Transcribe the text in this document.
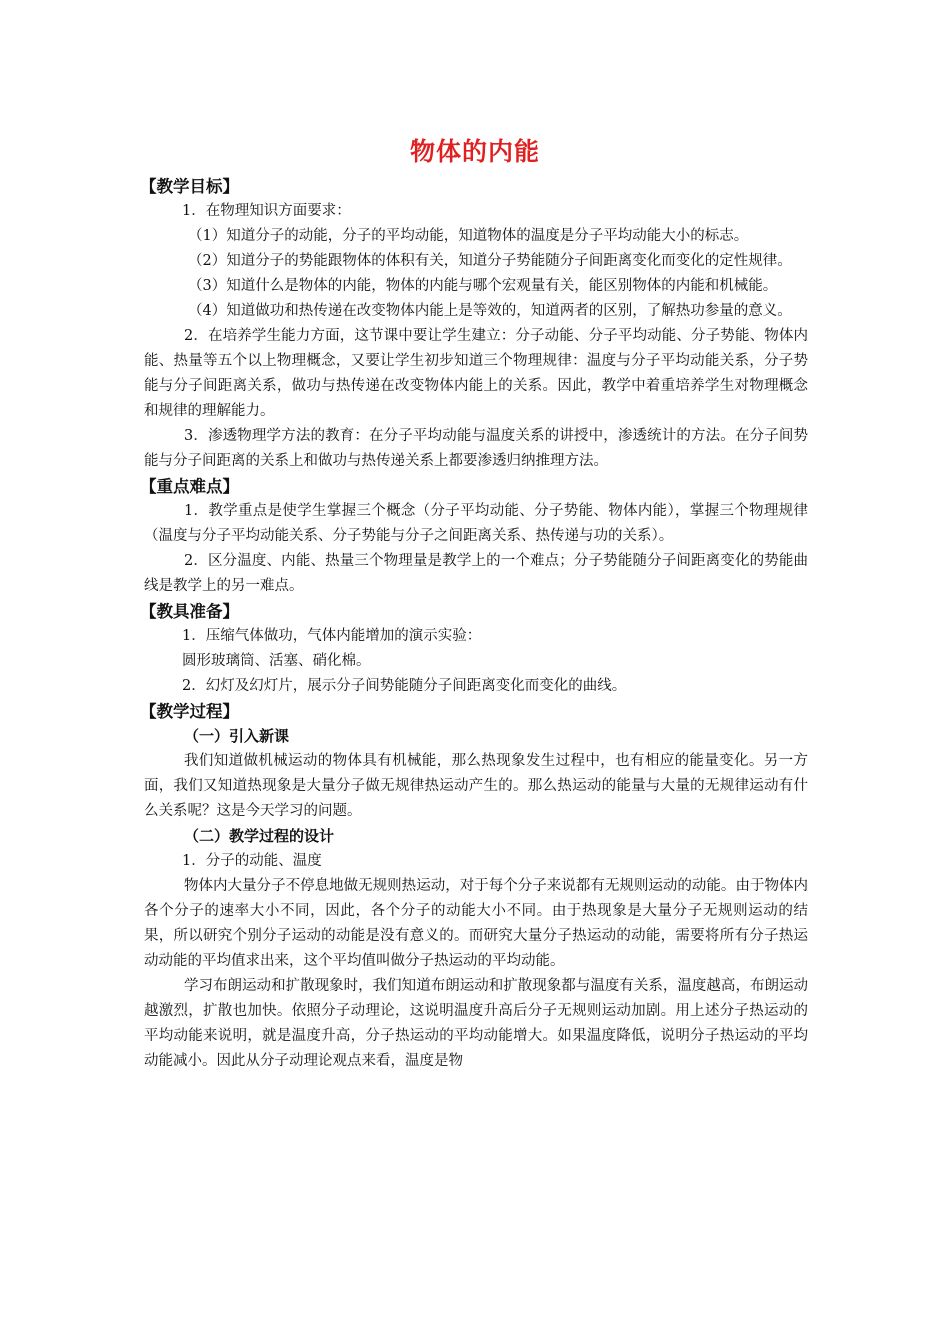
物体的内能
【教学目标】
1．在物理知识方面要求：

（1）知道分子的动能，分子的平均动能，知道物体的温度是分子平均动能大小的标志。

（2）知道分子的势能跟物体的体积有关，知道分子势能随分子间距离变化而变化的定性规律。

（3）知道什么是物体的内能，物体的内能与哪个宏观量有关，能区别物体的内能和机械能。

（4）知道做功和热传递在改变物体内能上是等效的，知道两者的区别，了解热功参量的意义。

2．在培养学生能力方面，这节课中要让学生建立：分子动能、分子平均动能、分子势能、物体内能、热量等五个以上物理概念，又要让学生初步知道三个物理规律：温度与分子平均动能关系，分子势能与分子间距离关系，做功与热传递在改变物体内能上的关系。因此，教学中着重培养学生对物理概念和规律的理解能力。

3．渗透物理学方法的教育：在分子平均动能与温度关系的讲授中，渗透统计的方法。在分子间势能与分子间距离的关系上和做功与热传递关系上都要渗透归纳推理方法。

【重点难点】

1．教学重点是使学生掌握三个概念（分子平均动能、分子势能、物体内能），掌握三个物理规律（温度与分子平均动能关系、分子势能与分子之间距离关系、热传递与功的关系）。

2．区分温度、内能、热量三个物理量是教学上的一个难点；分子势能随分子间距离变化的势能曲线是教学上的另一难点。

【教具准备】
1．压缩气体做功，气体内能增加的演示实验：
圆形玻璃筒、活塞、硝化棉。
2．幻灯及幻灯片，展示分子间势能随分子间距离变化而变化的曲线。
【教学过程】
（一）引入新课

我们知道做机械运动的物体具有机械能，那么热现象发生过程中，也有相应的能量变化。另一方面，我们又知道热现象是大量分子做无规律热运动产生的。那么热运动的能量与大量的无规律运动有什么关系呢？这是今天学习的问题。

（二）教学过程的设计
1．分子的动能、温度

物体内大量分子不停息地做无规则热运动，对于每个分子来说都有无规则运动的动能。由于物体内各个分子的速率大小不同，因此，各个分子的动能大小不同。由于热现象是大量分子无规则运动的结果，所以研究个别分子运动的动能是没有意义的。而研究大量分子热运动的动能，需要将所有分子热运动动能的平均值求出来，这个平均值叫做分子热运动的平均动能。

学习布朗运动和扩散现象时，我们知道布朗运动和扩散现象都与温度有关系，温度越高，布朗运动越激烈，扩散也加快。依照分子动理论，这说明温度升高后分子无规则运动加剧。用上述分子热运动的平均动能来说明，就是温度升高，分子热运动的平均动能增大。如果温度降低，说明分子热运动的平均动能减小。因此从分子动理论观点来看，温度是物
